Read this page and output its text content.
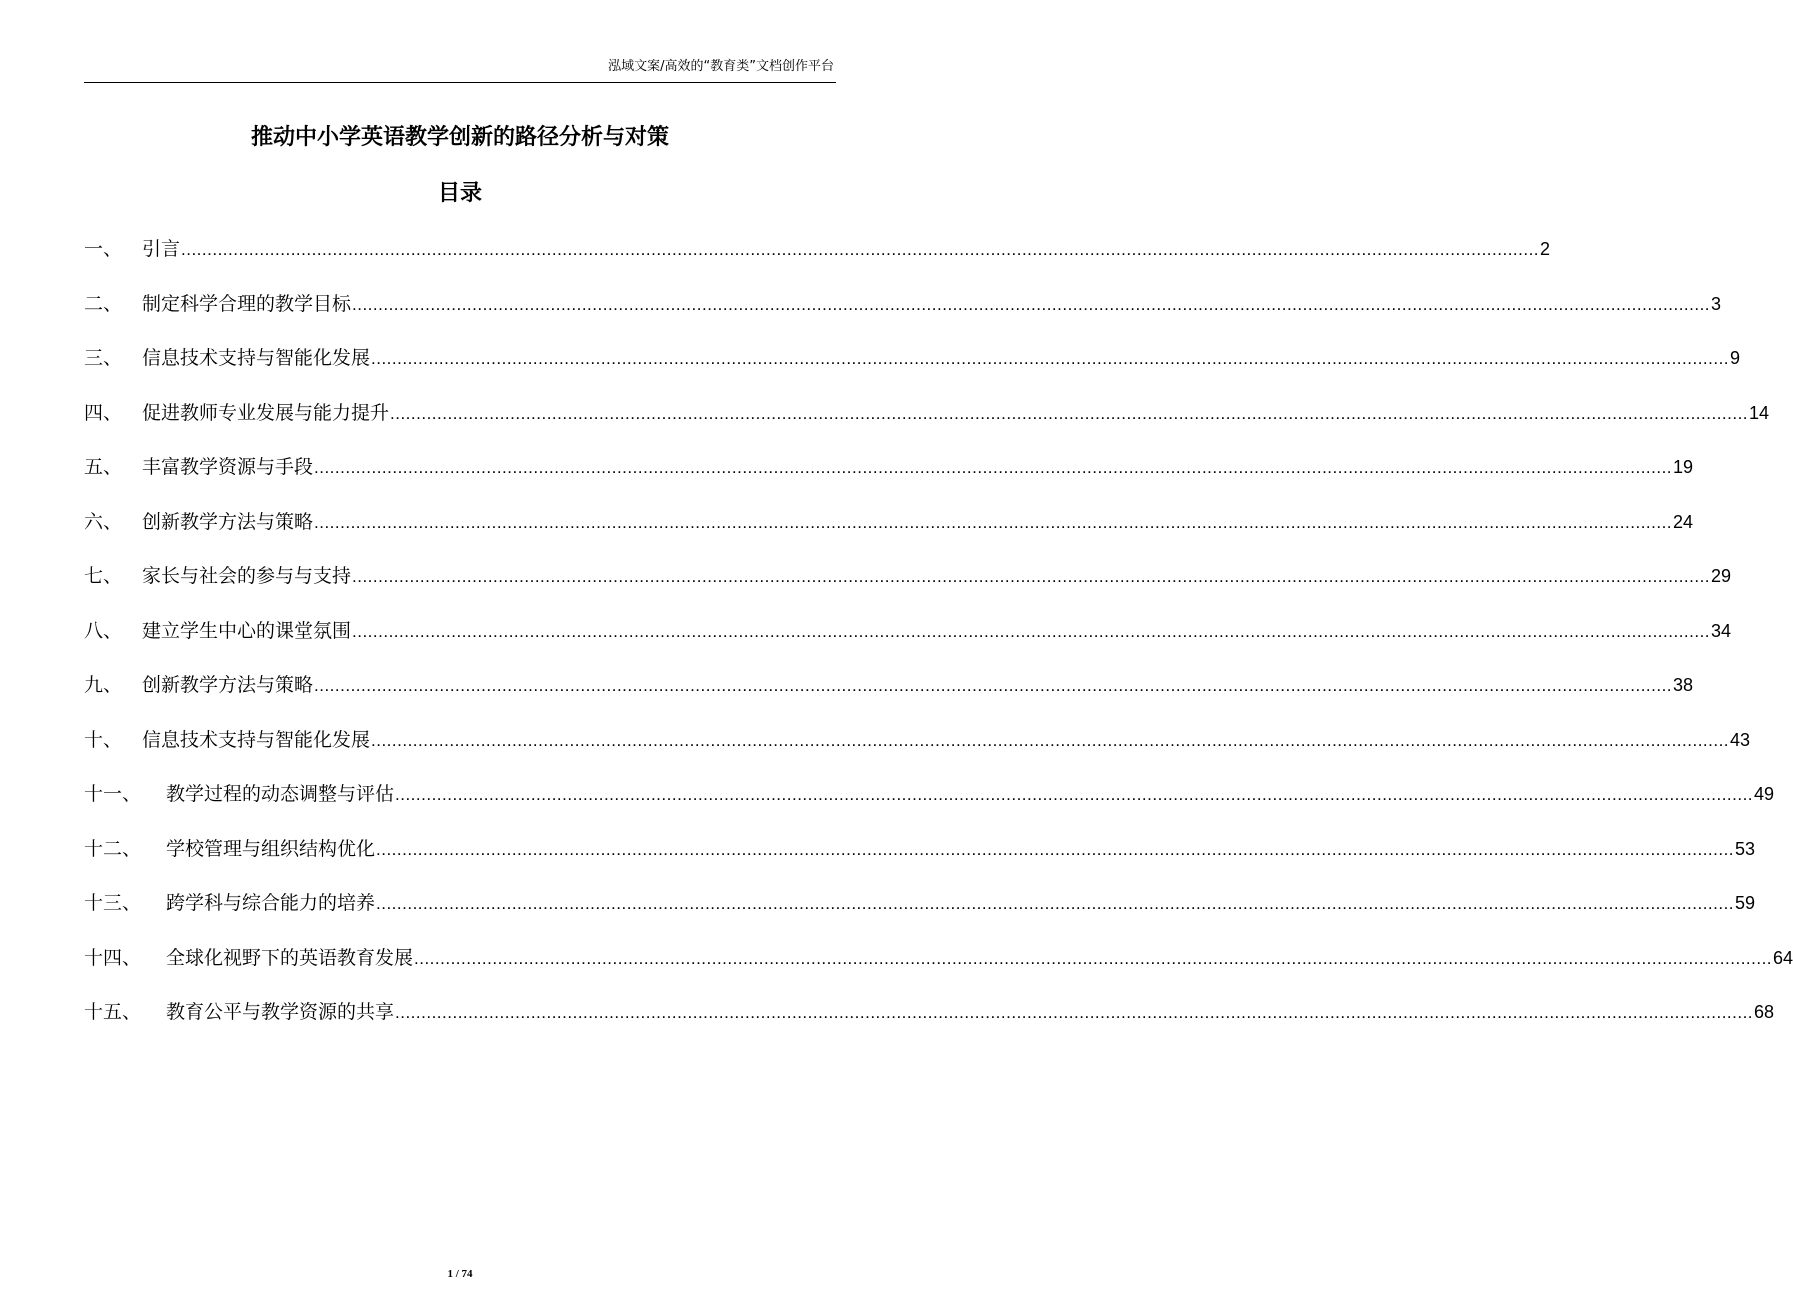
泓域文案/高效的“教育类”文档创作平台
推动中小学英语教学创新的路径分析与对策
目录
一、	引言 .................................................................................................................................................................................................................................................................... 2
二、	制定科学合理的教学目标 .................................................................................................................................................................................................................................................................... 3
三、	信息技术支持与智能化发展 .................................................................................................................................................................................................................................................................... 9
四、	促进教师专业发展与能力提升 .................................................................................................................................................................................................................................................................... 14
五、	丰富教学资源与手段 .................................................................................................................................................................................................................................................................... 19
六、	创新教学方法与策略 .................................................................................................................................................................................................................................................................... 24
七、	家长与社会的参与与支持 .................................................................................................................................................................................................................................................................... 29
八、	建立学生中心的课堂氛围 .................................................................................................................................................................................................................................................................... 34
九、	创新教学方法与策略 .................................................................................................................................................................................................................................................................... 38
十、	信息技术支持与智能化发展 .................................................................................................................................................................................................................................................................... 43
十一、	教学过程的动态调整与评估 .................................................................................................................................................................................................................................................................... 49
十二、	学校管理与组织结构优化 .................................................................................................................................................................................................................................................................... 53
十三、	跨学科与综合能力的培养 .................................................................................................................................................................................................................................................................... 59
十四、	全球化视野下的英语教育发展 .................................................................................................................................................................................................................................................................... 64
十五、	教育公平与教学资源的共享 .................................................................................................................................................................................................................................................................... 68
1 / 74
